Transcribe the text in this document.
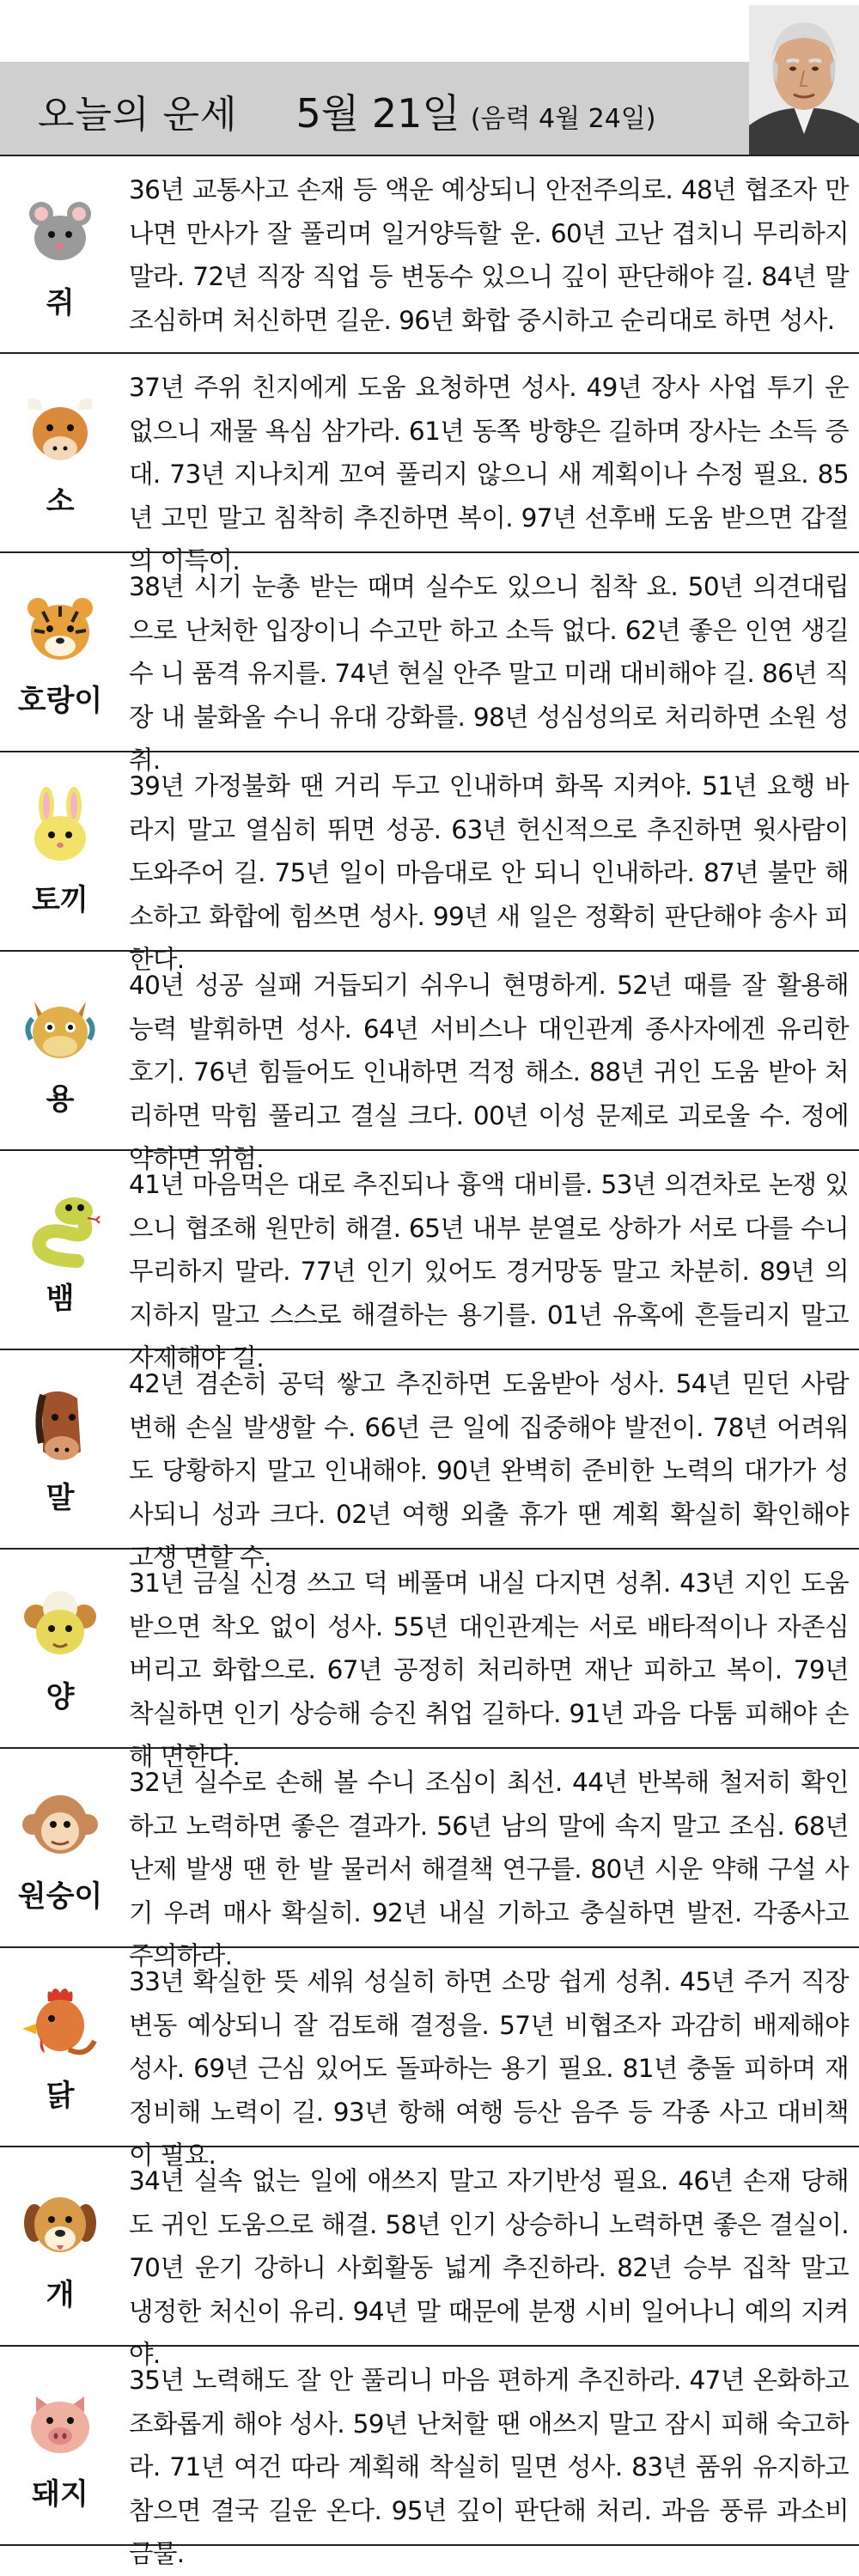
오늘의 운세 5월 21일 (음력 4월 24일)
쥐

36년 교통사고 손재 등 액운 예상되니 안전주의로. 48년 협조자 만나면 만사가 잘 풀리며 일거양득할 운. 60년 고난 겹치니 무리하지 말라. 72년 직장 직업 등 변동수 있으니 깊이 판단해야 길. 84년 말 조심하며 처신하면 길운. 96년 화합 중시하고 순리대로 하면 성사.

소

37년 주위 친지에게 도움 요청하면 성사. 49년 장사 사업 투기 운 없으니 재물 욕심 삼가라. 61년 동쪽 방향은 길하며 장사는 소득 증대. 73년 지나치게 꼬여 풀리지 않으니 새 계획이나 수정 필요. 85년 고민 말고 침착히 추진하면 복이. 97년 선후배 도움 받으면 갑절의 이득이.

호랑이

38년 시기 눈총 받는 때며 실수도 있으니 침착 요. 50년 의견대립으로 난처한 입장이니 수고만 하고 소득 없다. 62년 좋은 인연 생길 수 니 품격 유지를. 74년 현실 안주 말고 미래 대비해야 길. 86년 직장 내 불화올 수니 유대 강화를. 98년 성심성의로 처리하면 소원 성취.

토끼

39년 가정불화 땐 거리 두고 인내하며 화목 지켜야. 51년 요행 바라지 말고 열심히 뛰면 성공. 63년 헌신적으로 추진하면 윗사람이 도와주어 길. 75년 일이 마음대로 안 되니 인내하라. 87년 불만 해소하고 화합에 힘쓰면 성사. 99년 새 일은 정확히 판단해야 송사 피한다.

용

40년 성공 실패 거듭되기 쉬우니 현명하게. 52년 때를 잘 활용해 능력 발휘하면 성사. 64년 서비스나 대인관계 종사자에겐 유리한 호기. 76년 힘들어도 인내하면 걱정 해소. 88년 귀인 도움 받아 처리하면 막힘 풀리고 결실 크다. 00년 이성 문제로 괴로울 수. 정에 약하면 위험.

뱀

41년 마음먹은 대로 추진되나 흉액 대비를. 53년 의견차로 논쟁 있으니 협조해 원만히 해결. 65년 내부 분열로 상하가 서로 다를 수니 무리하지 말라. 77년 인기 있어도 경거망동 말고 차분히. 89년 의지하지 말고 스스로 해결하는 용기를. 01년 유혹에 흔들리지 말고 자제해야 길.

말

42년 겸손히 공덕 쌓고 추진하면 도움받아 성사. 54년 믿던 사람 변해 손실 발생할 수. 66년 큰 일에 집중해야 발전이. 78년 어려워도 당황하지 말고 인내해야. 90년 완벽히 준비한 노력의 대가가 성사되니 성과 크다. 02년 여행 외출 휴가 땐 계획 확실히 확인해야 고생 면할 수.

양

31년 금실 신경 쓰고 덕 베풀며 내실 다지면 성취. 43년 지인 도움 받으면 착오 없이 성사. 55년 대인관계는 서로 배타적이나 자존심 버리고 화합으로. 67년 공정히 처리하면 재난 피하고 복이. 79년 착실하면 인기 상승해 승진 취업 길하다. 91년 과음 다툼 피해야 손해 면한다.

원숭이

32년 실수로 손해 볼 수니 조심이 최선. 44년 반복해 철저히 확인하고 노력하면 좋은 결과가. 56년 남의 말에 속지 말고 조심. 68년 난제 발생 땐 한 발 물러서 해결책 연구를. 80년 시운 약해 구설 사기 우려 매사 확실히. 92년 내실 기하고 충실하면 발전. 각종사고 주의하라.

닭

33년 확실한 뜻 세워 성실히 하면 소망 쉽게 성취. 45년 주거 직장 변동 예상되니 잘 검토해 결정을. 57년 비협조자 과감히 배제해야 성사. 69년 근심 있어도 돌파하는 용기 필요. 81년 충돌 피하며 재정비해 노력이 길. 93년 항해 여행 등산 음주 등 각종 사고 대비책이 필요.

개

34년 실속 없는 일에 애쓰지 말고 자기반성 필요. 46년 손재 당해도 귀인 도움으로 해결. 58년 인기 상승하니 노력하면 좋은 결실이. 70년 운기 강하니 사회활동 넓게 추진하라. 82년 승부 집착 말고 냉정한 처신이 유리. 94년 말 때문에 분쟁 시비 일어나니 예의 지켜야.

돼지

35년 노력해도 잘 안 풀리니 마음 편하게 추진하라. 47년 온화하고 조화롭게 해야 성사. 59년 난처할 땐 애쓰지 말고 잠시 피해 숙고하라. 71년 여건 따라 계획해 착실히 밀면 성사. 83년 품위 유지하고 참으면 결국 길운 온다. 95년 깊이 판단해 처리. 과음 풍류 과소비 금물.
